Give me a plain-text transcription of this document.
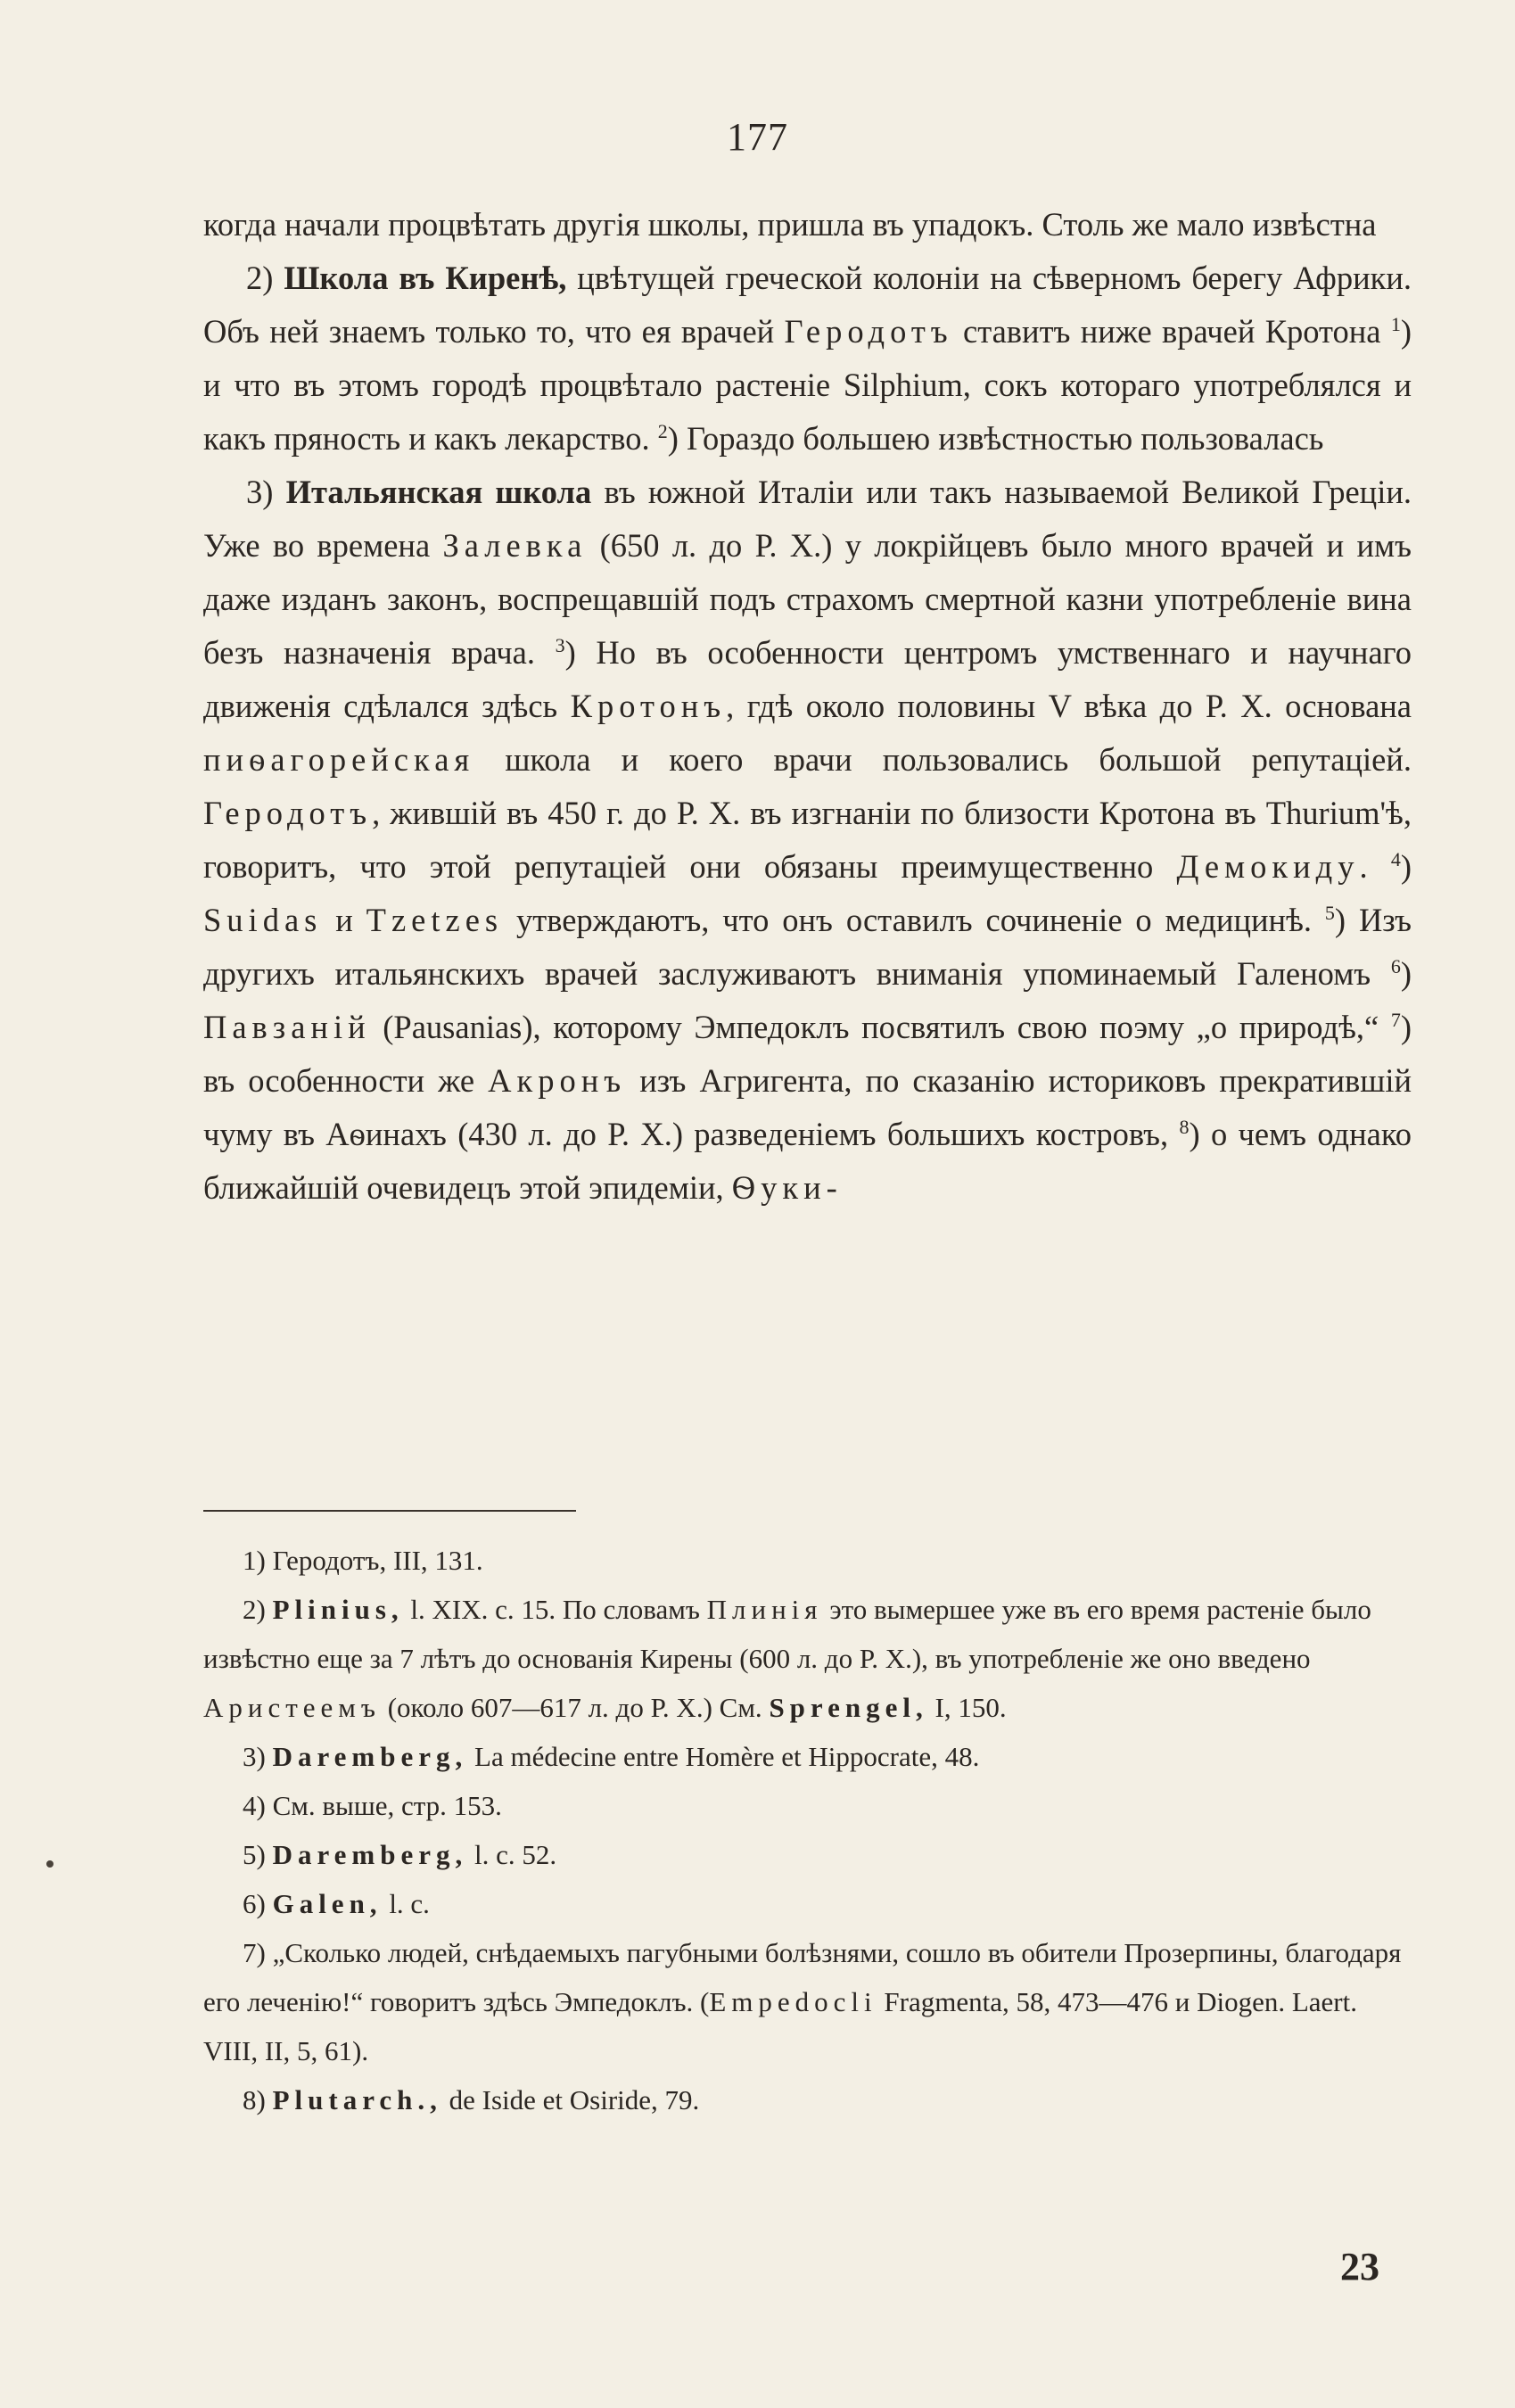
177

когда начали процвѣтать другія школы, пришла въ упадокъ. Столь же мало извѣстна

2) Школа въ Киренѣ, цвѣтущей греческой колоніи на сѣверномъ берегу Африки. Объ ней знаемъ только то, что ея врачей Геродотъ ставитъ ниже врачей Кротона $^1$) и что въ этомъ городѣ процвѣтало растеніе Silphium, сокъ котораго употреблялся и какъ пряность и какъ лекарство. $^2$) Гораздо большею извѣстностью пользовалась

3) Итальянская школа въ южной Италіи или такъ называемой Великой Греціи. Уже во времена Залевка (650 л. до Р. Х.) у локрійцевъ было много врачей и имъ даже изданъ законъ, воспрещавшій подъ страхомъ смертной казни употребленіе вина безъ назначенія врача. $^3$) Но въ особенности центромъ умственнаго и научнаго движенія сдѣлался здѣсь Кротонъ, гдѣ около половины V вѣка до Р. Х. основана пиѳагорейская школа и коего врачи пользовались большой репутаціей. Геродотъ, жившій въ 450 г. до Р. Х. въ изгнаніи по близости Кротона въ Thurium'ѣ, говоритъ, что этой репутаціей они обязаны преимущественно Демокиду. $^4$) Suidas и Tzetzes утверждаютъ, что онъ оставилъ сочиненіе о медицинѣ. $^5$) Изъ другихъ итальянскихъ врачей заслуживаютъ вниманія упоминаемый Галеномъ $^6$) Павзаній (Pausanias), которому Эмпедоклъ посвятилъ свою поэму „о природѣ,“ $^7$) въ особенности же Акронъ изъ Агригента, по сказанію историковъ прекратившій чуму въ Аѳинахъ (430 л. до Р. Х.) разведеніемъ большихъ костровъ, $^8$) о чемъ однако ближайшій очевидецъ этой эпидеміи, Ѳуки-

1) Геродотъ, III, 131.

2) Plinius, l. XIX. c. 15. По словамъ Плинія это вымершее уже въ его время растеніе было извѣстно еще за 7 лѣтъ до основанія Кирены (600 л. до Р. Х.), въ употребленіе же оно введено Аристеемъ (около 607—617 л. до Р. Х.) См. Sprengel, I, 150.

3) Daremberg, La médecine entre Homère et Hippocrate, 48.

4) См. выше, стр. 153.

5) Daremberg, l. c. 52.

6) Galen, l. c.

7) „Сколько людей, снѣдаемыхъ пагубными болѣзнями, сошло въ обители Прозерпины, благодаря его леченію!“ говоритъ здѣсь Эмпедоклъ. (Empedocli Fragmenta, 58, 473—476 и Diogen. Laert. VIII, II, 5, 61).

8) Plutarch., de Iside et Osiride, 79.

23
